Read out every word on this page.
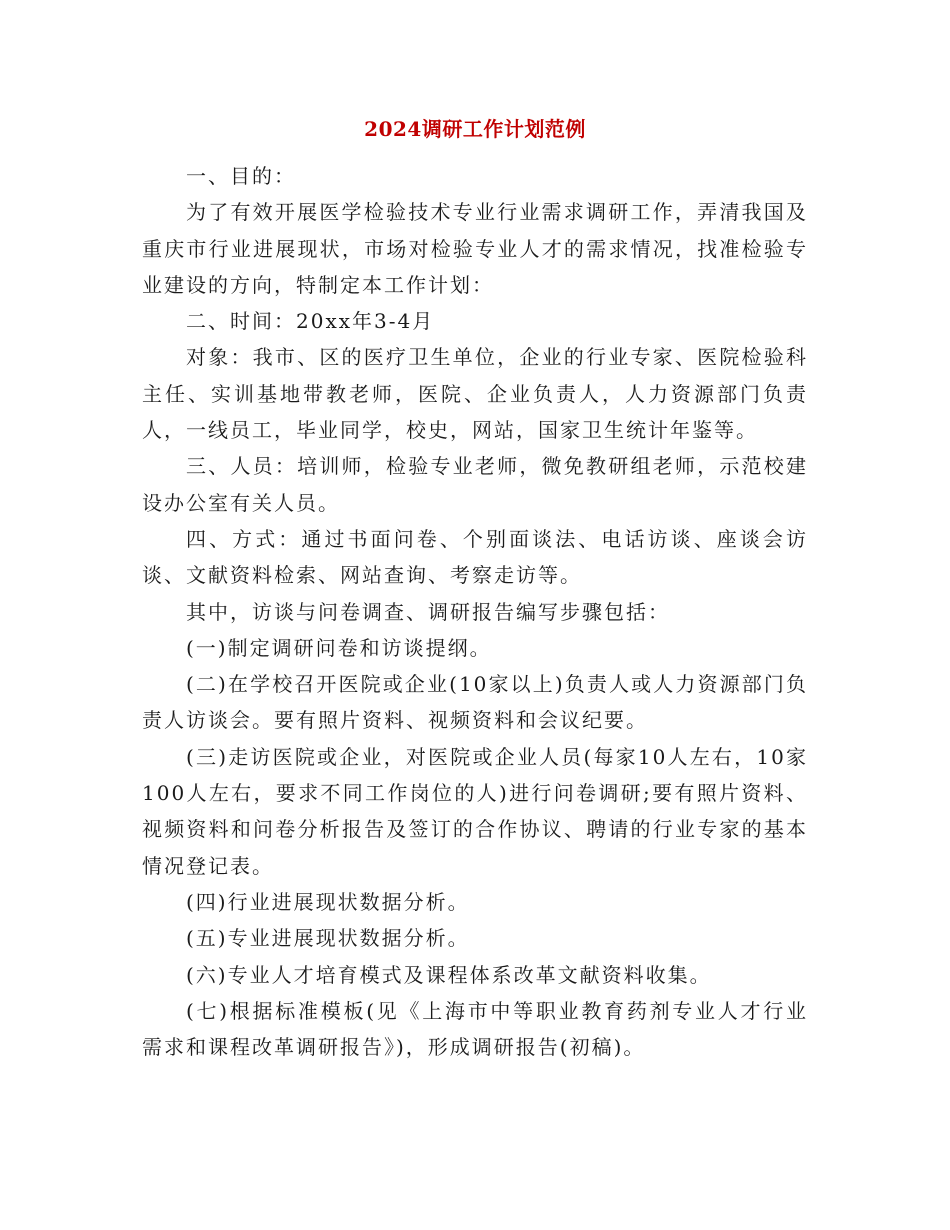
2024调研工作计划范例

一、目的：

为了有效开展医学检验技术专业行业需求调研工作，弄清我国及重庆市行业进展现状，市场对检验专业人才的需求情况，找准检验专业建设的方向，特制定本工作计划：

二、时间：20xx年3-4月

对象：我市、区的医疗卫生单位，企业的行业专家、医院检验科主任、实训基地带教老师，医院、企业负责人，人力资源部门负责人，一线员工，毕业同学，校史，网站，国家卫生统计年鉴等。

三、人员：培训师，检验专业老师，微免教研组老师，示范校建设办公室有关人员。

四、方式：通过书面问卷、个别面谈法、电话访谈、座谈会访谈、文献资料检索、网站查询、考察走访等。

其中，访谈与问卷调查、调研报告编写步骤包括：

(一)制定调研问卷和访谈提纲。

(二)在学校召开医院或企业(10家以上)负责人或人力资源部门负责人访谈会。要有照片资料、视频资料和会议纪要。

(三)走访医院或企业，对医院或企业人员(每家10人左右，10家100人左右，要求不同工作岗位的人)进行问卷调研;要有照片资料、视频资料和问卷分析报告及签订的合作协议、聘请的行业专家的基本情况登记表。

(四)行业进展现状数据分析。

(五)专业进展现状数据分析。

(六)专业人才培育模式及课程体系改革文献资料收集。

(七)根据标准模板(见《上海市中等职业教育药剂专业人才行业需求和课程改革调研报告》)，形成调研报告(初稿)。
